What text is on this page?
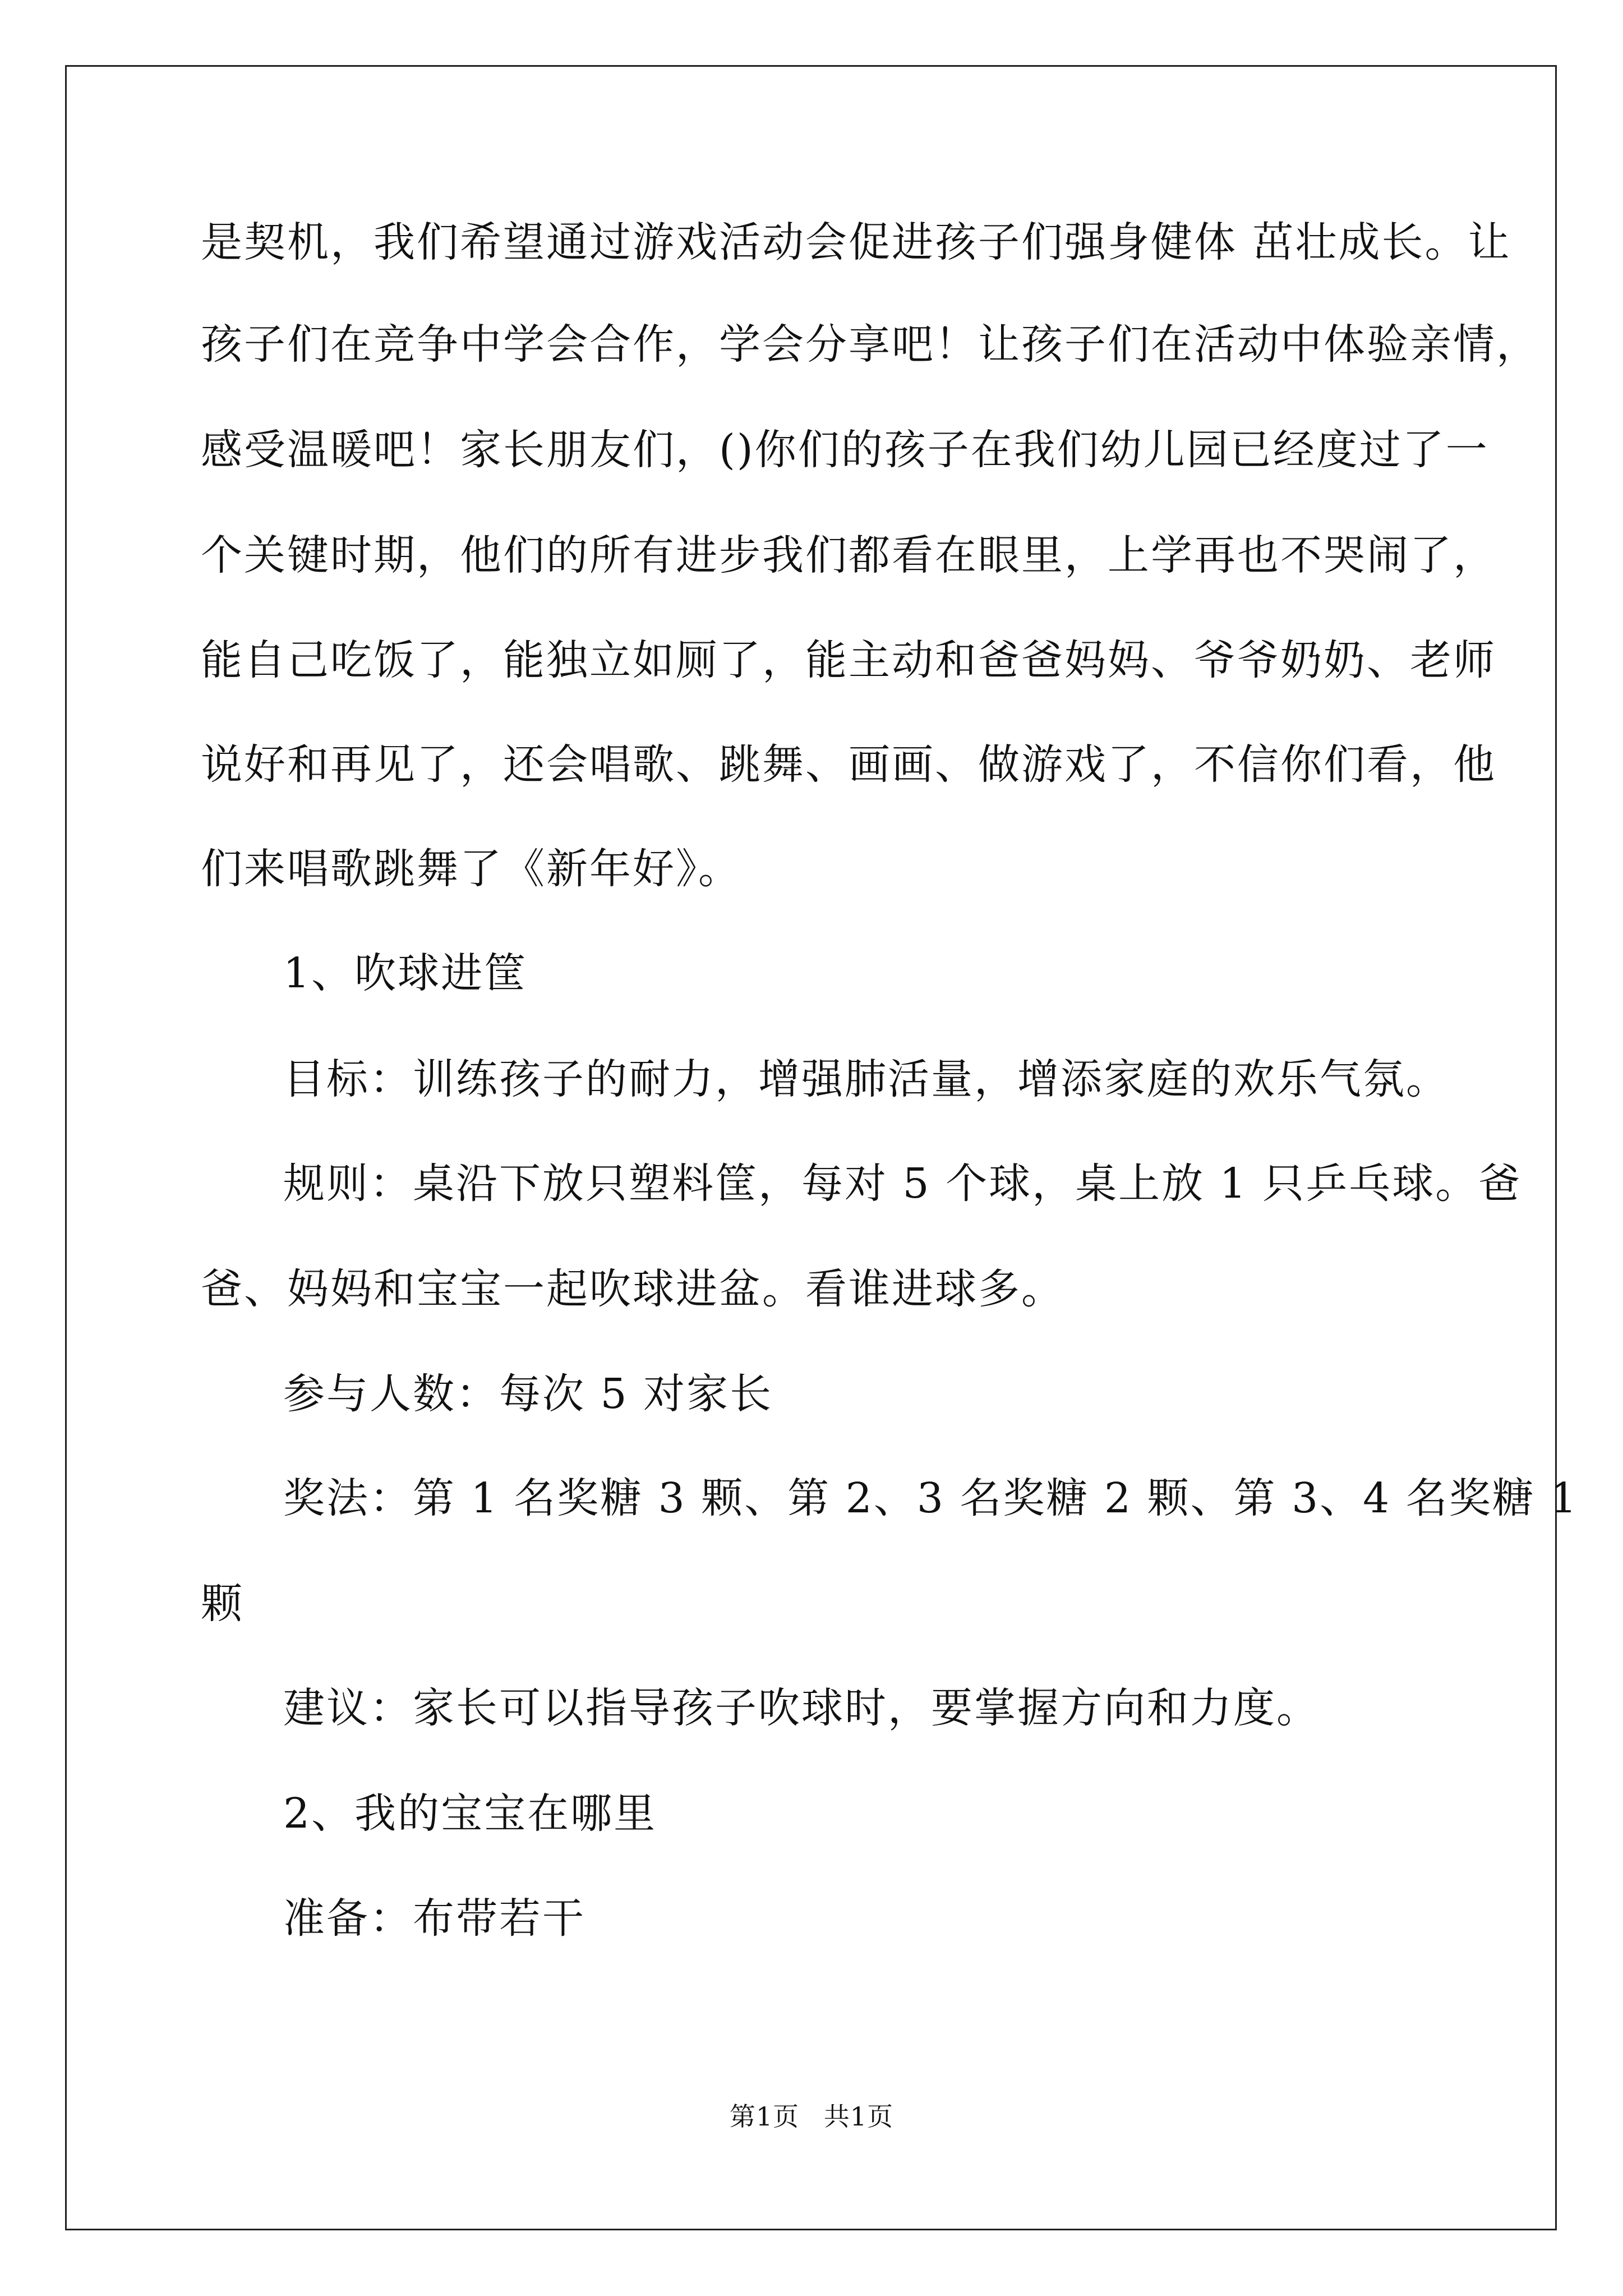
是契机，我们希望通过游戏活动会促进孩子们强身健体 茁壮成长。让
孩子们在竞争中学会合作，学会分享吧！让孩子们在活动中体验亲情，
感受温暖吧！家长朋友们，()你们的孩子在我们幼儿园已经度过了一
个关键时期，他们的所有进步我们都看在眼里，上学再也不哭闹了，
能自己吃饭了，能独立如厕了，能主动和爸爸妈妈、爷爷奶奶、老师
说好和再见了，还会唱歌、跳舞、画画、做游戏了，不信你们看，他
们来唱歌跳舞了《新年好》。
1、吹球进筐
目标：训练孩子的耐力，增强肺活量，增添家庭的欢乐气氛。
规则：桌沿下放只塑料筐，每对 5 个球，桌上放 1 只乒乓球。爸
爸、妈妈和宝宝一起吹球进盆。看谁进球多。
参与人数：每次 5 对家长
奖法：第 1 名奖糖 3 颗、第 2、3 名奖糖 2 颗、第 3、4 名奖糖 1
颗
建议：家长可以指导孩子吹球时，要掌握方向和力度。
2、我的宝宝在哪里
准备：布带若干
第1页 共1页
